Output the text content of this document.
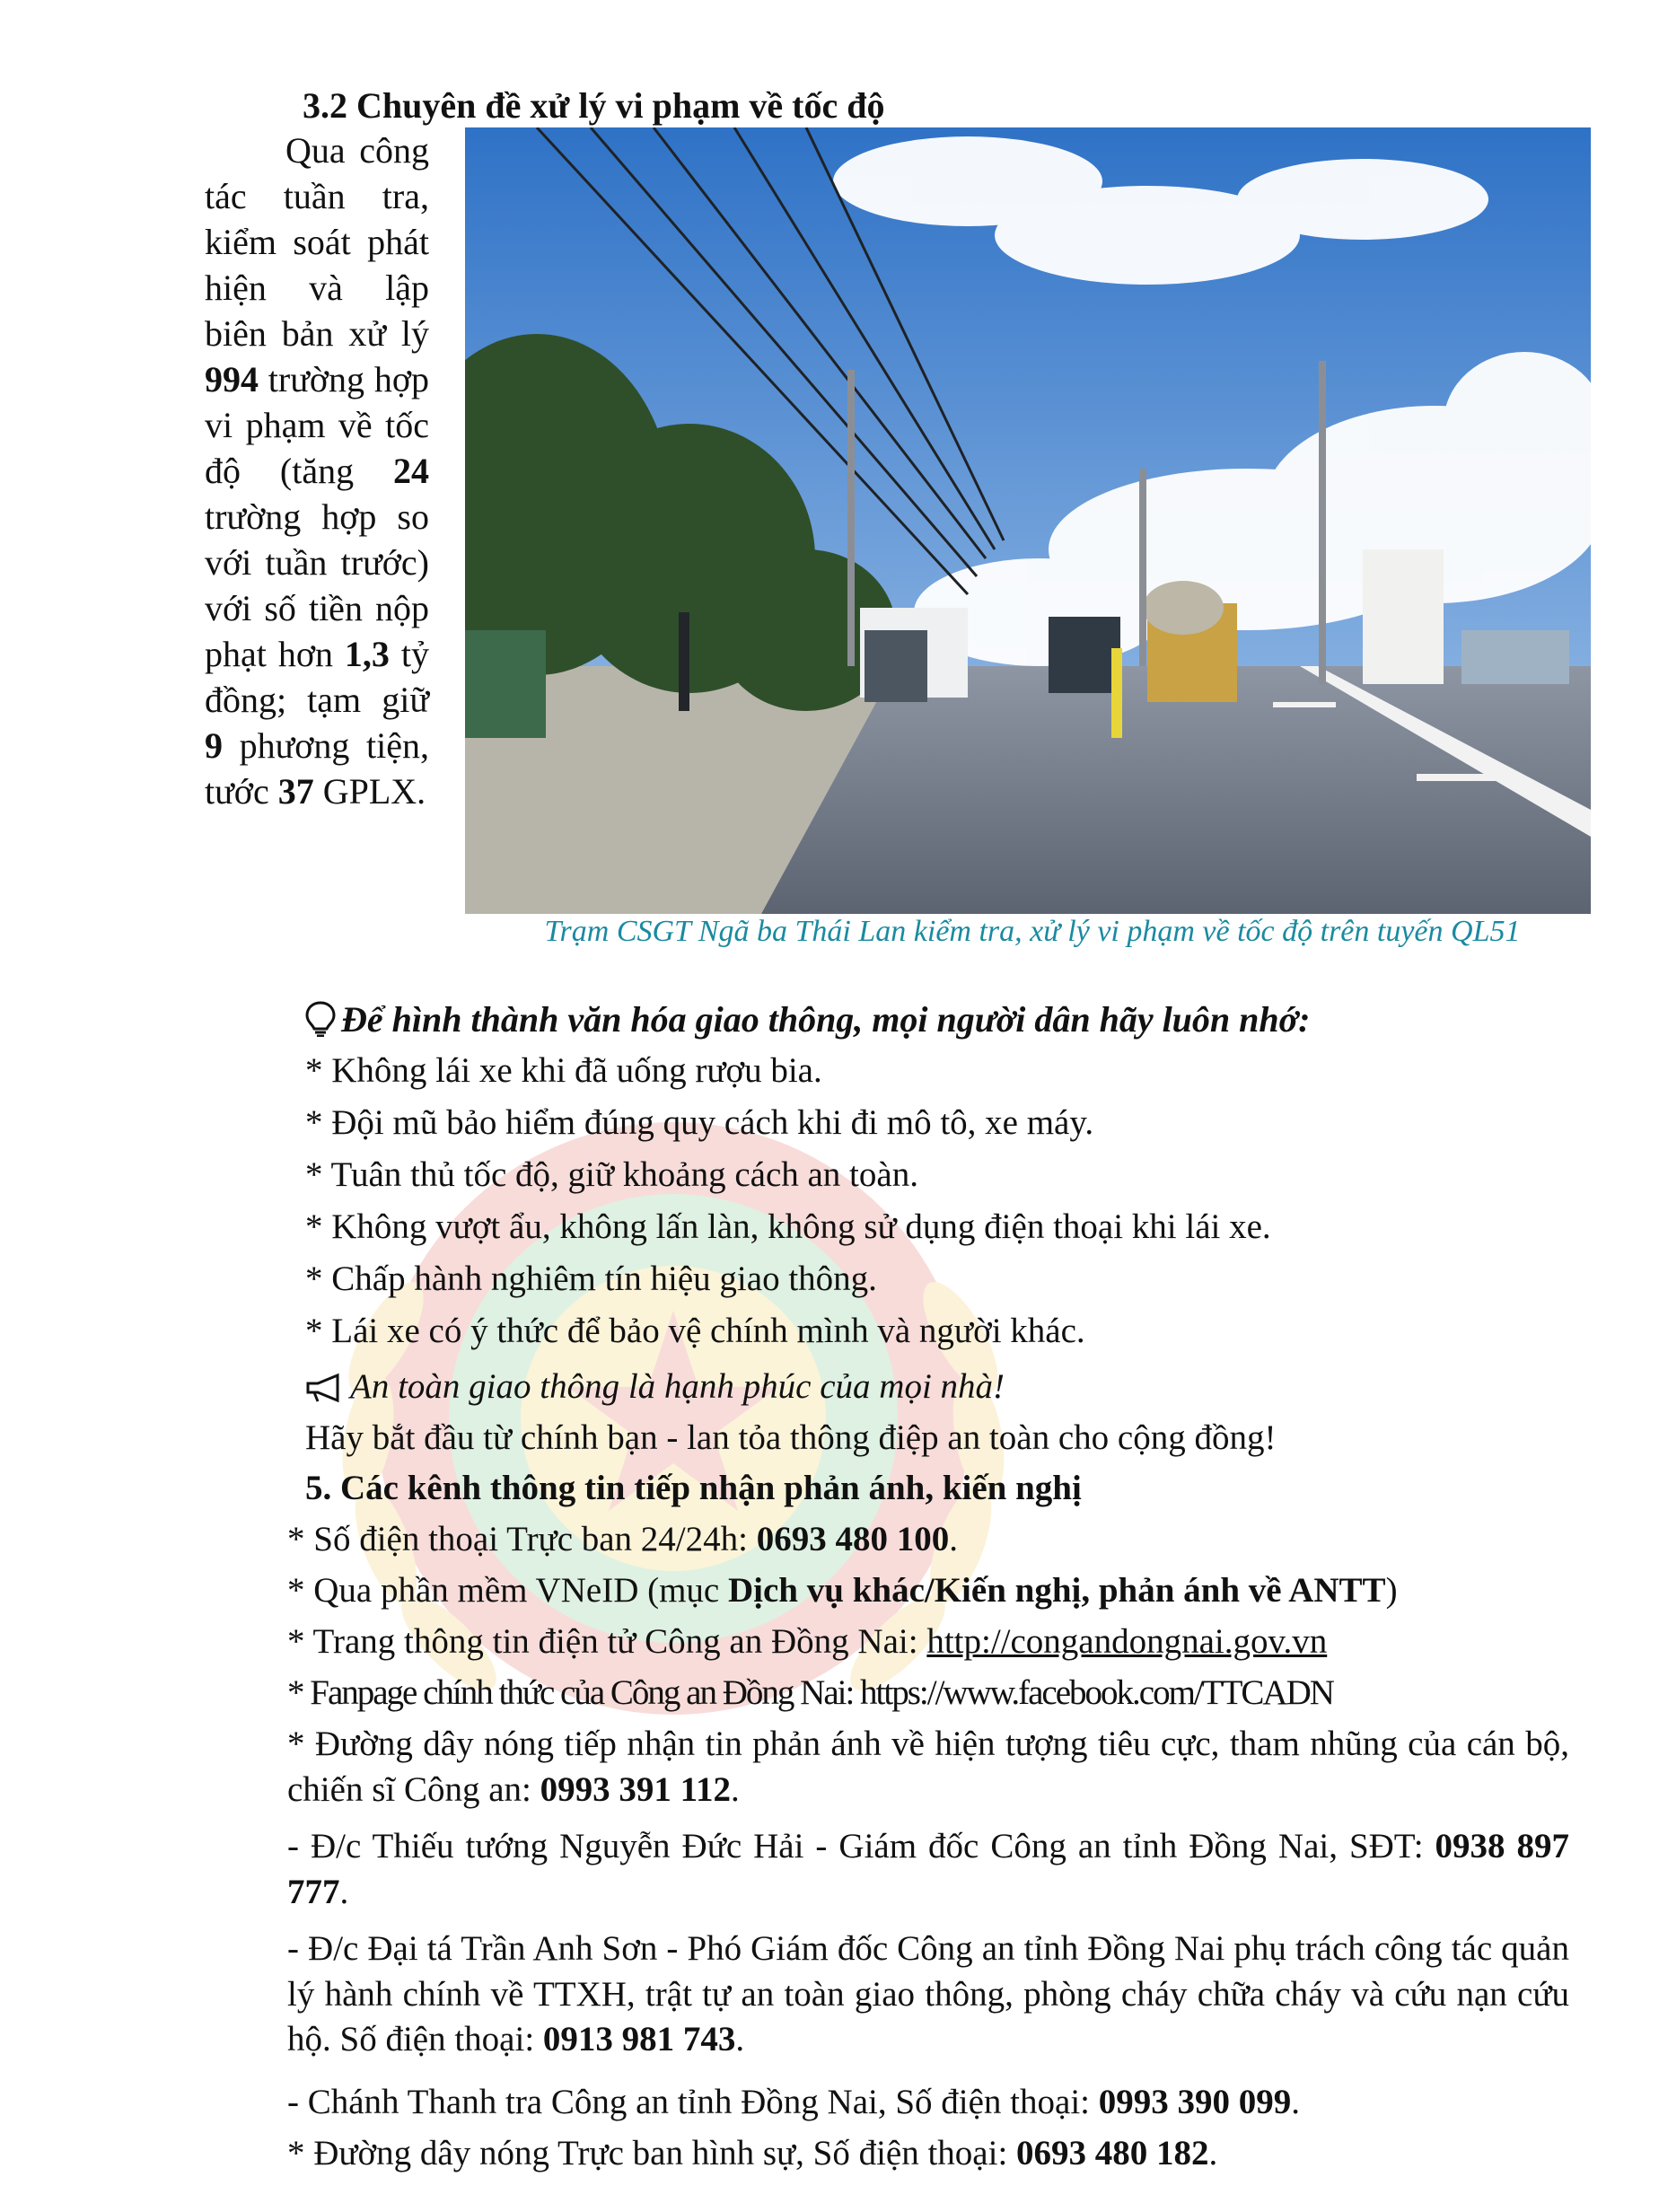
3.2 Chuyên đề xử lý vi phạm về tốc độ
Qua công tác tuần tra, kiểm soát phát hiện và lập biên bản xử lý 994 trường hợp vi phạm về tốc độ (tăng 24 trường hợp so với tuần trước) với số tiền nộp phạt hơn 1,3 tỷ đồng; tạm giữ 9 phương tiện, tước 37 GPLX.
Trạm CSGT Ngã ba Thái Lan kiểm tra, xử lý vi phạm về tốc độ trên tuyến QL51
Để hình thành văn hóa giao thông, mọi người dân hãy luôn nhớ:
* Không lái xe khi đã uống rượu bia.
* Đội mũ bảo hiểm đúng quy cách khi đi mô tô, xe máy.
* Tuân thủ tốc độ, giữ khoảng cách an toàn.
* Không vượt ẩu, không lấn làn, không sử dụng điện thoại khi lái xe.
* Chấp hành nghiêm tín hiệu giao thông.
* Lái xe có ý thức để bảo vệ chính mình và người khác.
An toàn giao thông là hạnh phúc của mọi nhà!
Hãy bắt đầu từ chính bạn - lan tỏa thông điệp an toàn cho cộng đồng!
5. Các kênh thông tin tiếp nhận phản ánh, kiến nghị
* Số điện thoại Trực ban 24/24h: 0693 480 100.
* Qua phần mềm VNeID (mục Dịch vụ khác/Kiến nghị, phản ánh về ANTT)
* Trang thông tin điện tử Công an Đồng Nai: http://congandongnai.gov.vn
* Fanpage chính thức của Công an Đồng Nai: https://www.facebook.com/TTCADN
* Đường dây nóng tiếp nhận tin phản ánh về hiện tượng tiêu cực, tham nhũng của cán bộ, chiến sĩ Công an: 0993 391 112.
- Đ/c Thiếu tướng Nguyễn Đức Hải - Giám đốc Công an tỉnh Đồng Nai, SĐT: 0938 897 777.
- Đ/c Đại tá Trần Anh Sơn - Phó Giám đốc Công an tỉnh Đồng Nai phụ trách công tác quản lý hành chính về TTXH, trật tự an toàn giao thông, phòng cháy chữa cháy và cứu nạn cứu hộ. Số điện thoại: 0913 981 743.
- Chánh Thanh tra Công an tỉnh Đồng Nai, Số điện thoại: 0993 390 099.
* Đường dây nóng Trực ban hình sự, Số điện thoại: 0693 480 182.
